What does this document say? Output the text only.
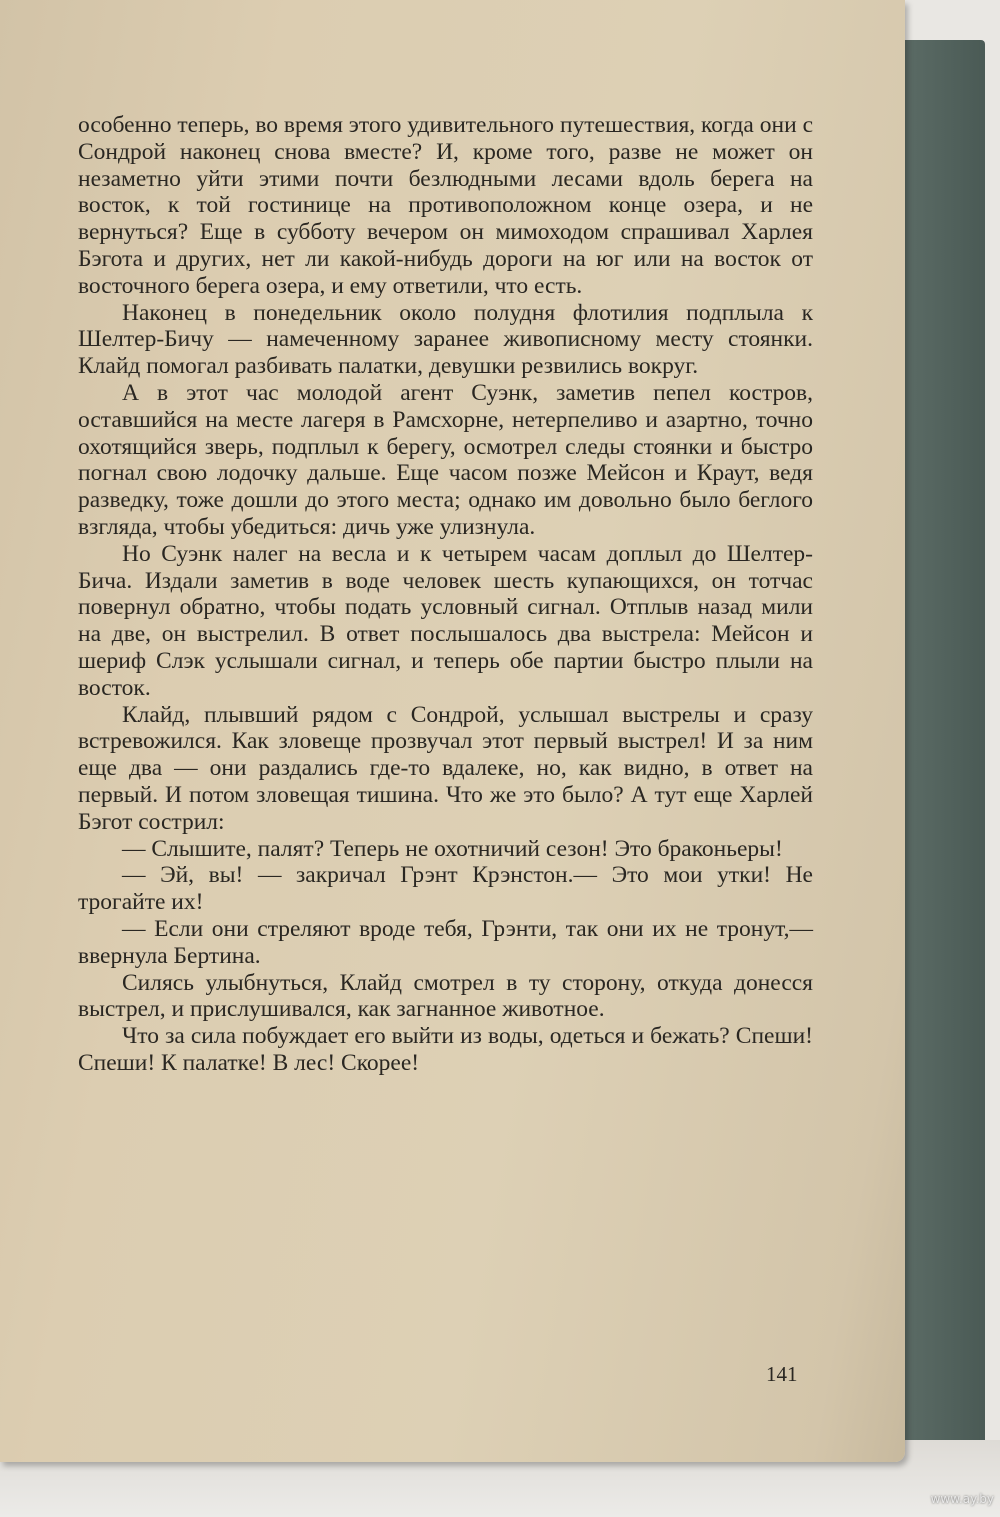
особенно теперь, во время этого удивительного путешествия, когда они с Сондрой наконец снова вместе? И, кроме того, разве не может он незаметно уйти этими почти безлюдными лесами вдоль берега на восток, к той гостинице на противоположном конце озера, и не вернуться? Еще в субботу вечером он мимоходом спрашивал Харлея Бэгота и других, нет ли какой-нибудь дороги на юг или на восток от восточного берега озера, и ему ответили, что есть.

Наконец в понедельник около полудня флотилия подплыла к Шелтер-Бичу — намеченному заранее живописному месту стоянки. Клайд помогал разбивать палатки, девушки резвились вокруг.

А в этот час молодой агент Суэнк, заметив пепел костров, оставшийся на месте лагеря в Рамсхорне, нетерпеливо и азартно, точно охотящийся зверь, подплыл к берегу, осмотрел следы стоянки и быстро погнал свою лодочку дальше. Еще часом позже Мейсон и Краут, ведя разведку, тоже дошли до этого места; однако им довольно было беглого взгляда, чтобы убедиться: дичь уже улизнула.

Но Суэнк налег на весла и к четырем часам доплыл до Шелтер-Бича. Издали заметив в воде человек шесть купающихся, он тотчас повернул обратно, чтобы подать условный сигнал. Отплыв назад мили на две, он выстрелил. В ответ послышалось два выстрела: Мейсон и шериф Слэк услышали сигнал, и теперь обе партии быстро плыли на восток.

Клайд, плывший рядом с Сондрой, услышал выстрелы и сразу встревожился. Как зловеще прозвучал этот первый выстрел! И за ним еще два — они раздались где-то вдалеке, но, как видно, в ответ на первый. И потом зловещая тишина. Что же это было? А тут еще Харлей Бэгот сострил:

— Слышите, палят? Теперь не охотничий сезон! Это браконьеры!

— Эй, вы! — закричал Грэнт Крэнстон.— Это мои утки! Не трогайте их!

— Если они стреляют вроде тебя, Грэнти, так они их не тронут,— ввернула Бертина.

Силясь улыбнуться, Клайд смотрел в ту сторону, откуда донесся выстрел, и прислушивался, как загнанное животное.

Что за сила побуждает его выйти из воды, одеться и бежать? Спеши! Спеши! К палатке! В лес! Скорее!

141
www.ay.by
